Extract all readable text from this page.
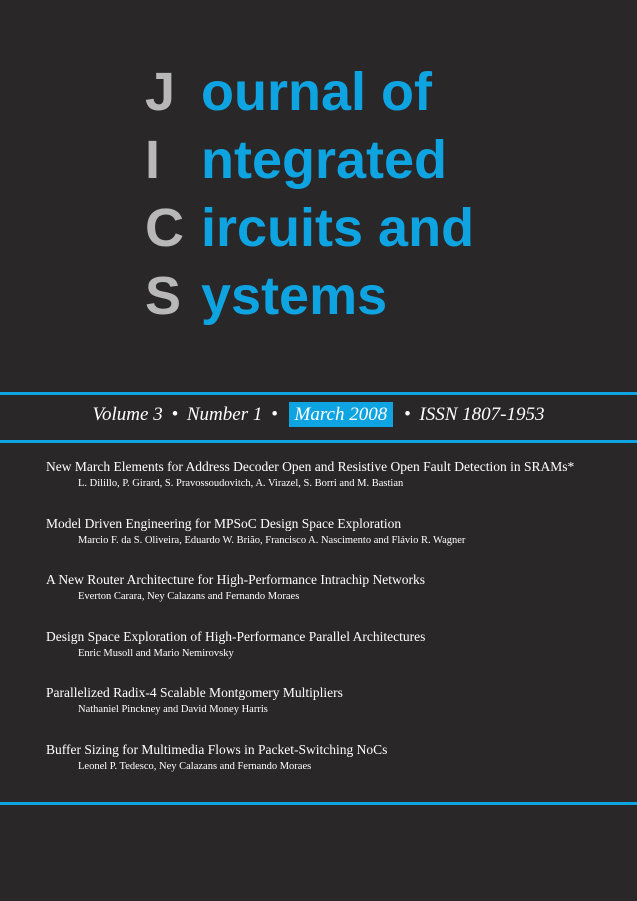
J ournal of
I ntegrated
C ircuits and
S ystems
Volume 3 • Number 1 • March 2008 • ISSN 1807-1953
New March Elements for Address Decoder Open and Resistive Open Fault Detection in SRAMs*
L. Dilillo, P. Girard, S. Pravossoudovitch, A. Virazel, S. Borri and M. Bastian
Model Driven Engineering for MPSoC Design Space Exploration
Marcio F. da S. Oliveira, Eduardo W. Brião, Francisco A. Nascimento and Flávio R. Wagner
A New Router Architecture for High-Performance Intrachip Networks
Everton Carara, Ney Calazans and Fernando Moraes
Design Space Exploration of High-Performance Parallel Architectures
Enric Musoll and Mario Nemirovsky
Parallelized Radix-4 Scalable Montgomery Multipliers
Nathaniel Pinckney and David Money Harris
Buffer Sizing for Multimedia Flows in Packet-Switching NoCs
Leonel P. Tedesco, Ney Calazans and Fernando Moraes
